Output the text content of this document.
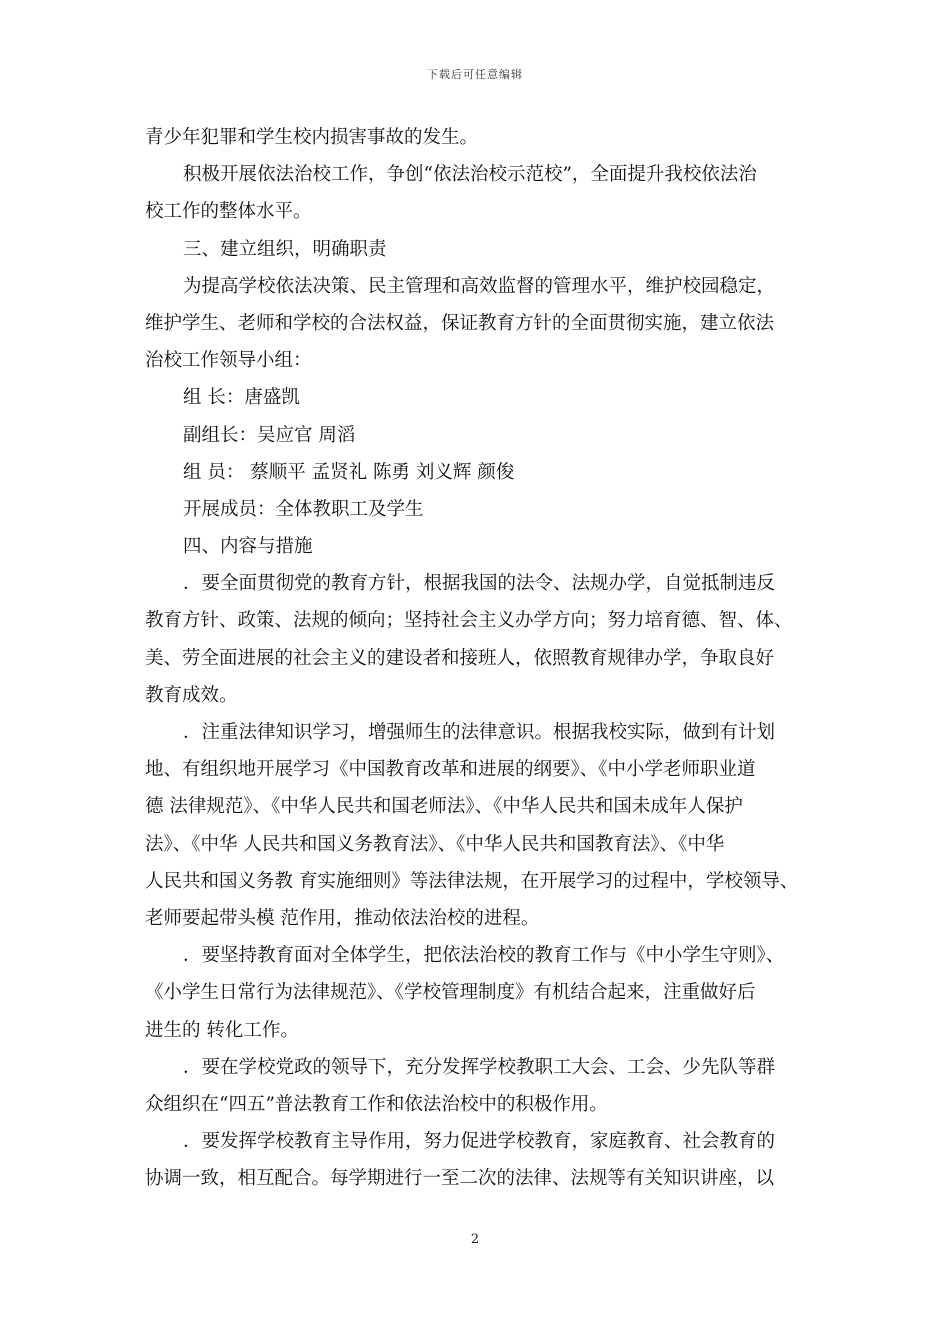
下载后可任意编辑
青少年犯罪和学生校内损害事故的发生。
积极开展依法治校工作，争创“依法治校示范校”，全面提升我校依法治
校工作的整体水平。
三、建立组织，明确职责
为提高学校依法决策、民主管理和高效监督的管理水平，维护校园稳定，
维护学生、老师和学校的合法权益，保证教育方针的全面贯彻实施，建立依法
治校工作领导小组：
组 长：唐盛凯
副组长：吴应官 周滔
组 员： 蔡顺平 孟贤礼 陈勇 刘义辉 颜俊
开展成员：全体教职工及学生
四、内容与措施
．要全面贯彻党的教育方针，根据我国的法令、法规办学，自觉抵制违反
教育方针、政策、法规的倾向；坚持社会主义办学方向；努力培育德、智、体、
美、劳全面进展的社会主义的建设者和接班人，依照教育规律办学，争取良好
教育成效。
．注重法律知识学习，增强师生的法律意识。根据我校实际，做到有计划
地、有组织地开展学习《中国教育改革和进展的纲要》、《中小学老师职业道
德 法律规范》、《中华人民共和国老师法》、《中华人民共和国未成年人保护
法》、《中华 人民共和国义务教育法》、《中华人民共和国教育法》、《中华
人民共和国义务教 育实施细则》等法律法规，在开展学习的过程中，学校领导、
老师要起带头模 范作用，推动依法治校的进程。
．要坚持教育面对全体学生，把依法治校的教育工作与《中小学生守则》、
《小学生日常行为法律规范》、《学校管理制度》有机结合起来，注重做好后
进生的 转化工作。
．要在学校党政的领导下，充分发挥学校教职工大会、工会、少先队等群
众组织在“四五”普法教育工作和依法治校中的积极作用。
．要发挥学校教育主导作用，努力促进学校教育，家庭教育、社会教育的
协调一致，相互配合。每学期进行一至二次的法律、法规等有关知识讲座，以
2
